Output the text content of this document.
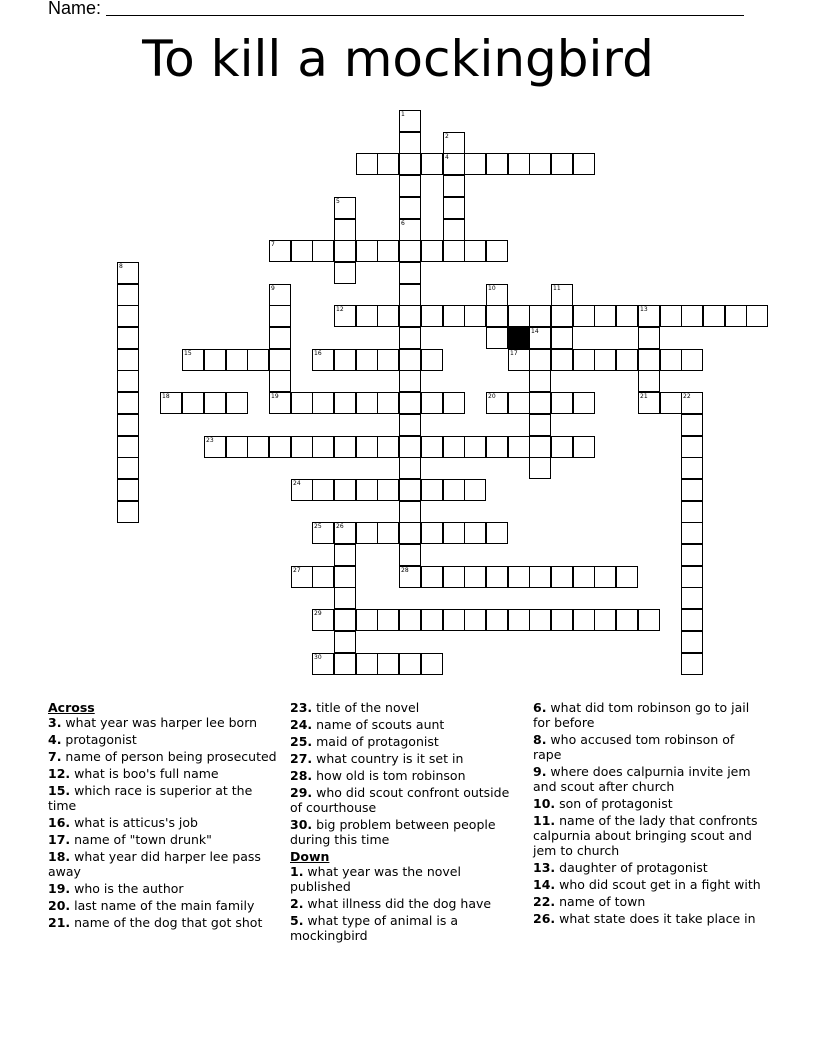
Name:
To kill a mockingbird
4
7
12	13
15	16	17
18	19	20	21
23
24
25 26
27	28
29
30
1
2
5
6
8
9	10	11
14
22

Across

3. what year was harper lee born

4. protagonist

7. name of person being prosecuted

12. what is boo's full name

15. which race is superior at the time

16. what is atticus's job

17. name of "town drunk"

18. what year did harper lee pass away

19. who is the author

20. last name of the main family

21. name of the dog that got shot

23. title of the novel

24. name of scouts aunt

25. maid of protagonist

27. what country is it set in

28. how old is tom robinson

29. who did scout confront outside of courthouse

30. big problem between people during this time

Down

1. what year was the novel published

2. what illness did the dog have

5. what type of animal is a mockingbird

6. what did tom robinson go to jail for before

8. who accused tom robinson of rape

9. where does calpurnia invite jem and scout after church

10. son of protagonist

11. name of the lady that confronts calpurnia about bringing scout and jem to church

13. daughter of protagonist

14. who did scout get in a fight with

22. name of town

26. what state does it take place in
